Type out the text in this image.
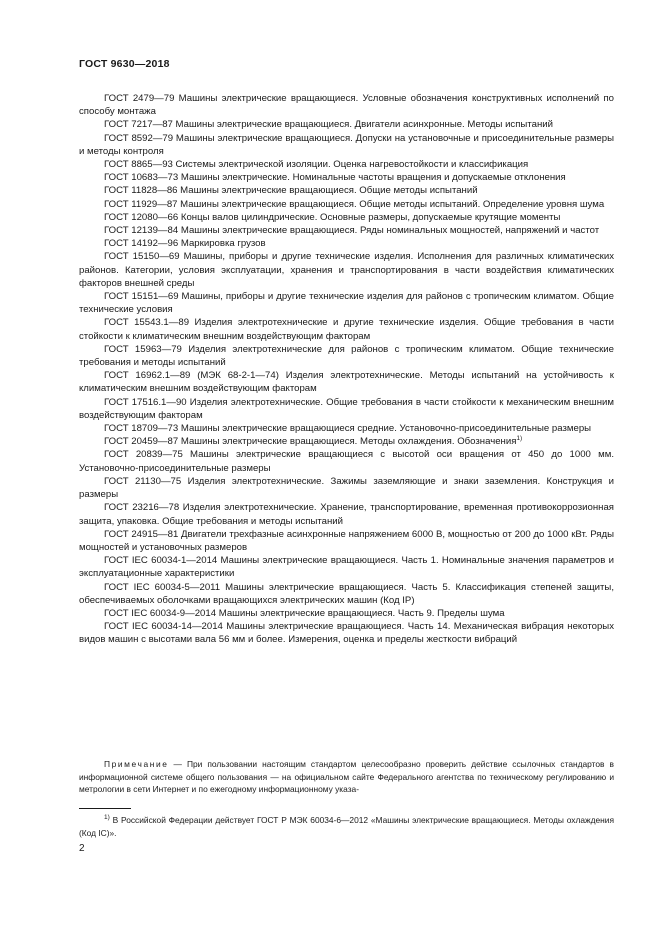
ГОСТ 9630—2018

ГОСТ 2479—79 Машины электрические вращающиеся. Условные обозначения конструктивных исполнений по способу монтажа

ГОСТ 7217—87 Машины электрические вращающиеся. Двигатели асинхронные. Методы испытаний

ГОСТ 8592—79 Машины электрические вращающиеся. Допуски на установочные и присоединительные размеры и методы контроля

ГОСТ 8865—93 Системы электрической изоляции. Оценка нагревостойкости и классификация

ГОСТ 10683—73 Машины электрические. Номинальные частоты вращения и допускаемые отклонения

ГОСТ 11828—86 Машины электрические вращающиеся. Общие методы испытаний

ГОСТ 11929—87 Машины электрические вращающиеся. Общие методы испытаний. Определение уровня шума

ГОСТ 12080—66 Концы валов цилиндрические. Основные размеры, допускаемые крутящие моменты

ГОСТ 12139—84 Машины электрические вращающиеся. Ряды номинальных мощностей, напряжений и частот

ГОСТ 14192—96 Маркировка грузов

ГОСТ 15150—69 Машины, приборы и другие технические изделия. Исполнения для различных климатических районов. Категории, условия эксплуатации, хранения и транспортирования в части воздействия климатических факторов внешней среды

ГОСТ 15151—69 Машины, приборы и другие технические изделия для районов с тропическим климатом. Общие технические условия

ГОСТ 15543.1—89 Изделия электротехнические и другие технические изделия. Общие требования в части стойкости к климатическим внешним воздействующим факторам

ГОСТ 15963—79 Изделия электротехнические для районов с тропическим климатом. Общие технические требования и методы испытаний

ГОСТ 16962.1—89 (МЭК 68-2-1—74) Изделия электротехнические. Методы испытаний на устойчивость к климатическим внешним воздействующим факторам

ГОСТ 17516.1—90 Изделия электротехнические. Общие требования в части стойкости к механическим внешним воздействующим факторам

ГОСТ 18709—73 Машины электрические вращающиеся средние. Установочно-присоединительные размеры

ГОСТ 20459—87 Машины электрические вращающиеся. Методы охлаждения. Обозначения$^{1)}$

ГОСТ 20839—75 Машины электрические вращающиеся с высотой оси вращения от 450 до 1000 мм. Установочно-присоединительные размеры

ГОСТ 21130—75 Изделия электротехнические. Зажимы заземляющие и знаки заземления. Конструкция и размеры

ГОСТ 23216—78 Изделия электротехнические. Хранение, транспортирование, временная противокоррозионная защита, упаковка. Общие требования и методы испытаний

ГОСТ 24915—81 Двигатели трехфазные асинхронные напряжением 6000 В, мощностью от 200 до 1000 кВт. Ряды мощностей и установочных размеров

ГОСТ IEC 60034-1—2014 Машины электрические вращающиеся. Часть 1. Номинальные значения параметров и эксплуатационные характеристики

ГОСТ IEC 60034-5—2011 Машины электрические вращающиеся. Часть 5. Классификация степеней защиты, обеспечиваемых оболочками вращающихся электрических машин (Код IP)

ГОСТ IEC 60034-9—2014 Машины электрические вращающиеся. Часть 9. Пределы шума

ГОСТ IEC 60034-14—2014 Машины электрические вращающиеся. Часть 14. Механическая вибрация некоторых видов машин с высотами вала 56 мм и более. Измерения, оценка и пределы жесткости вибраций

Примечание — При пользовании настоящим стандартом целесообразно проверить действие ссылочных стандартов в информационной системе общего пользования — на официальном сайте Федерального агентства по техническому регулированию и метрологии в сети Интернет и по ежегодному информационному указа-
$^{1)}$ В Российской Федерации действует ГОСТ Р МЭК 60034-6—2012 «Машины электрические вращающиеся. Методы охлаждения (Код IC)».
2
